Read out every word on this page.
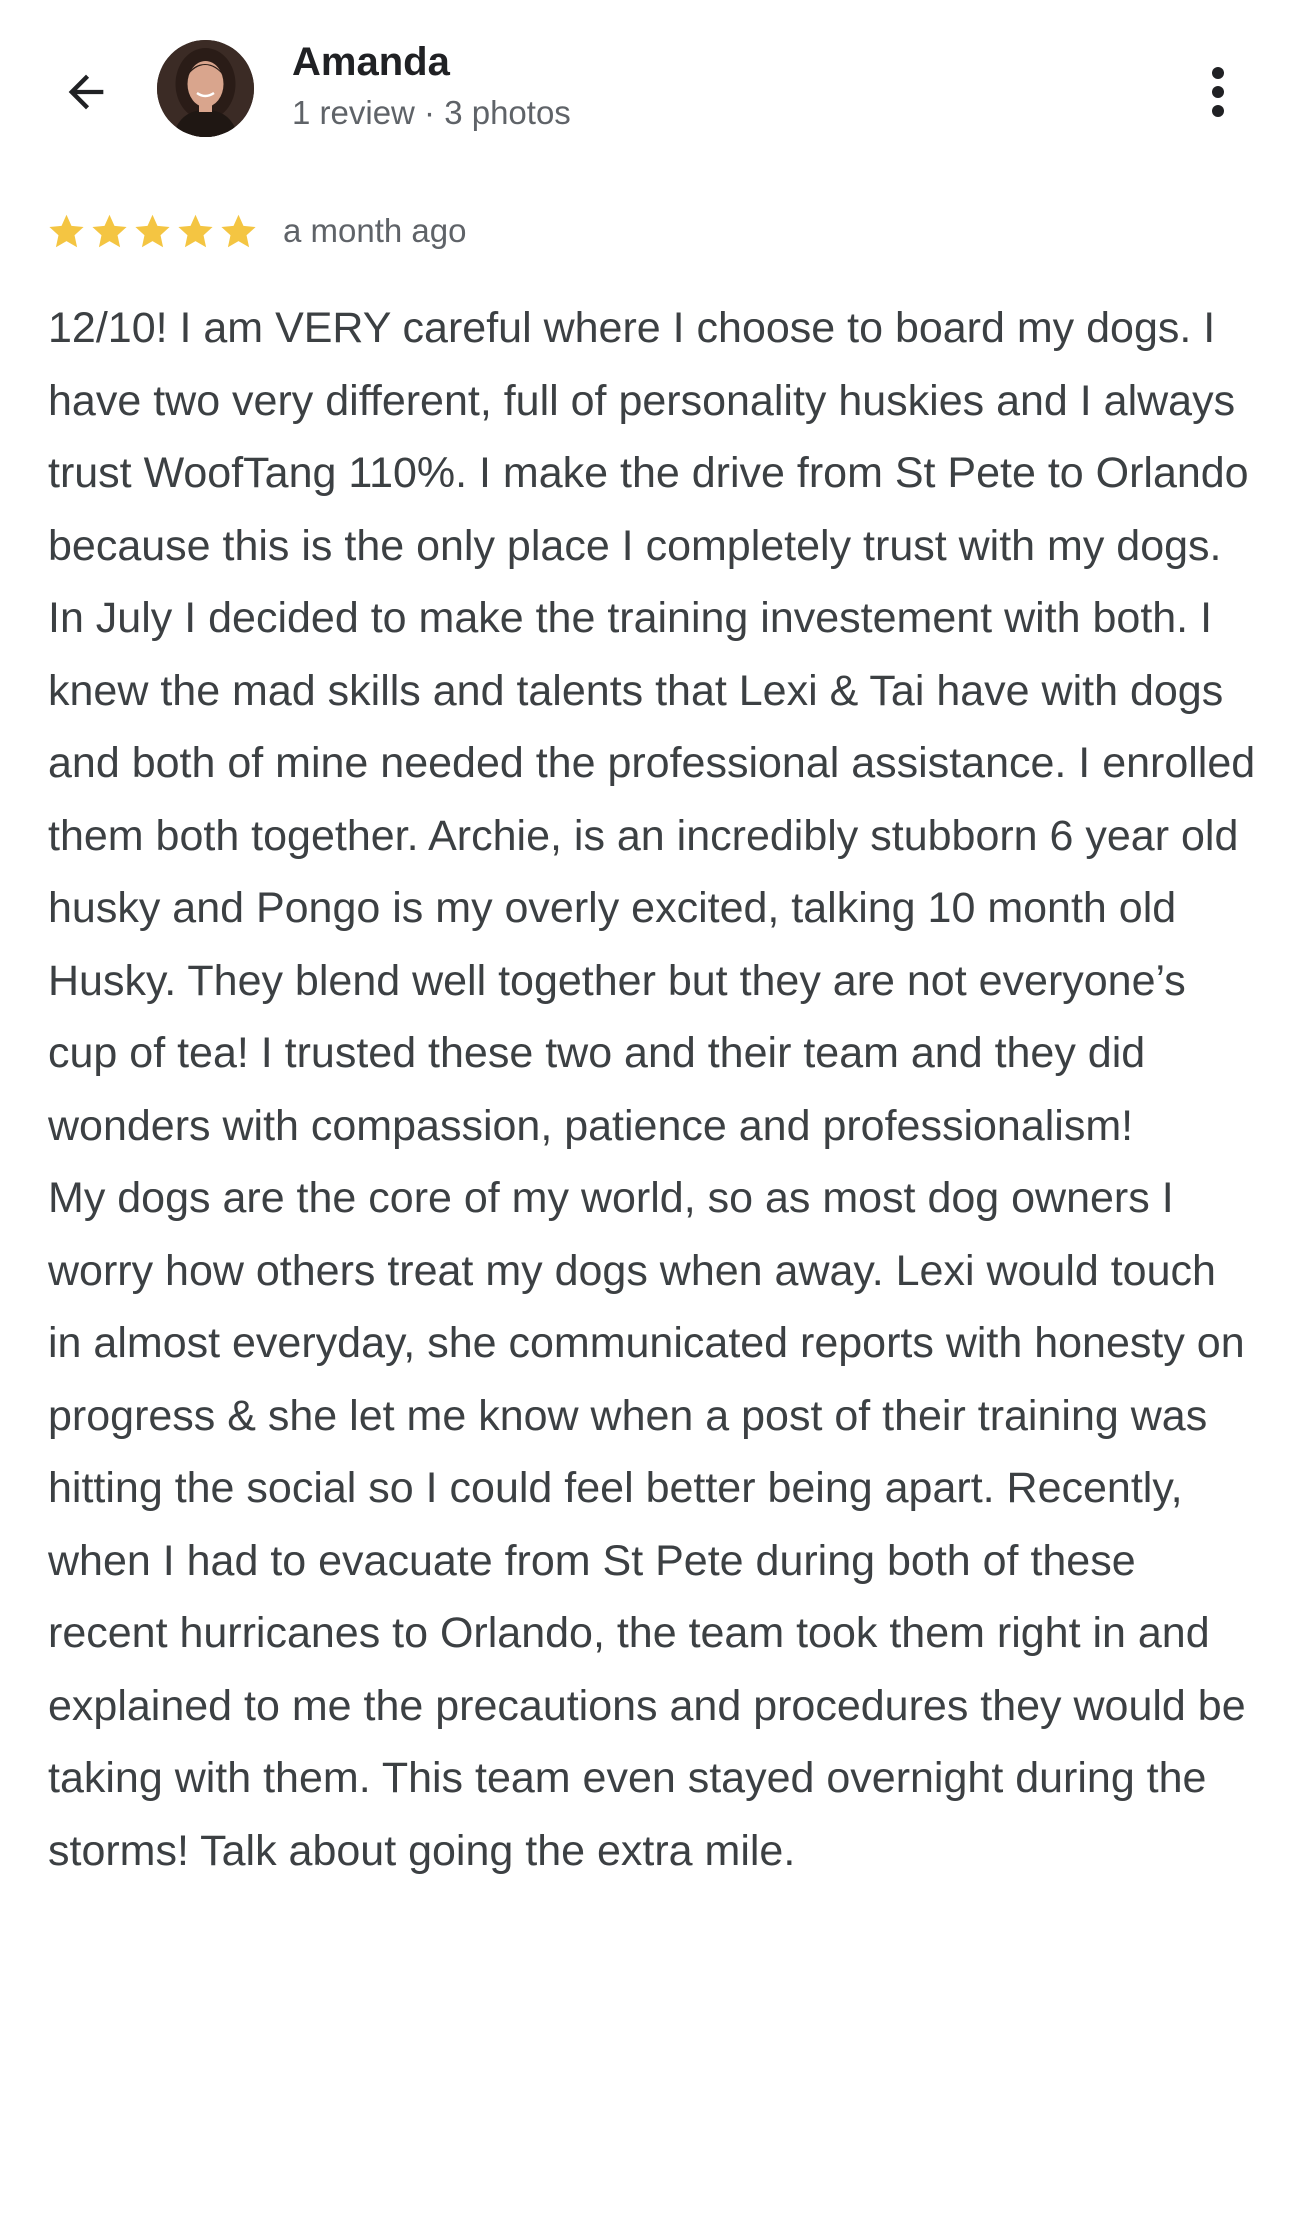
Amanda
1 review · 3 photos
a month ago

12/10! I am VERY careful where I choose to board my dogs. I have two very different, full of personality huskies and I always trust WoofTang 110%. I make the drive from St Pete to Orlando because this is the only place I completely trust with my dogs.

In July I decided to make the training investement with both. I knew the mad skills and talents that Lexi & Tai have with dogs and both of mine needed the professional assistance. I enrolled them both together. Archie, is an incredibly stubborn 6 year old husky and Pongo is my overly excited, talking 10 month old Husky. They blend well together but they are not everyone’s cup of tea! I trusted these two and their team and they did wonders with compassion, patience and professionalism!

My dogs are the core of my world, so as most dog owners I worry how others treat my dogs when away. Lexi would touch in almost everyday, she communicated reports with honesty on progress & she let me know when a post of their training was hitting the social so I could feel better being apart. Recently, when I had to evacuate from St Pete during both of these recent hurricanes to Orlando, the team took them right in and explained to me the precautions and procedures they would be taking with them. This team even stayed overnight during the storms! Talk about going the extra mile.
